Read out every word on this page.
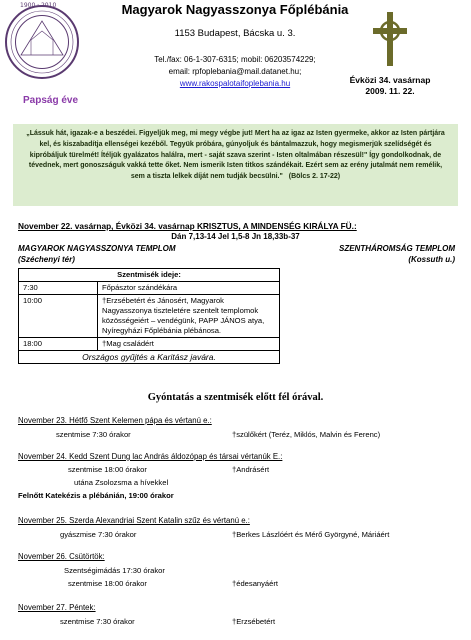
1900 · 2010	Magyarok Nagyasszonya Főplébánia
1153 Budapest, Bácska u. 3.
Tel./fax: 06-1-307-6315; mobil: 06203574229;
email: rpfoplebania@mail.datanet.hu;
www.rakospalotaifoplebania.hu	Évközi 34. vasárnap
2009. 11. 22.
Papság éve
„Lássuk hát, igazak-e a beszédei. Figyeljük meg, mi megy végbe jut! Mert ha az igaz az Isten gyermeke, akkor az Isten pártjára kel, és kiszabadítja ellenségei kezéből. Tegyük próbára, gúnyoljuk és bántalmazzuk, hogy megismerjük szelídségét és kipróbáljuk türelmét! Ítéljük gyalázatos halálra, mert - saját szava szerint - Isten oltalmában részesül!" Így gondolkodnak, de tévednek, mert gonoszságuk vakká tette őket. Nem ismerik Isten titkos szándékait. Ezért sem az erény jutalmát nem remélik, sem a tiszta lelkek díját nem tudják becsülni." (Bölcs 2. 17-22)
November 22. vasárnap, Évközi 34. vasárnap KRISZTUS, A MINDENSÉG KIRÁLYA FÜ.:
Dán 7,13-14 Jel 1,5-8 Jn 18,33b-37
MAGYAROK NAGYASSZONYA TEMPLOM
(Széchenyi tér)
SZENTHÁROMSÁG TEMPLOM
(Kossuth u.)
Szentmisék ideje:	
7:30	Főpásztor szándékára
10:00	†Erzsébetért és Jánosért, Magyarok Nagyasszonya tiszteletére szentelt templomok közösségeiért – vendégünk, PAPP JÁNOS atya, Nyíregyházi Főplébánia plébánosa.
18:00	†Mag családért
Országos gyűjtés a Karitász javára.	
Gyóntatás a szentmisék előtt fél órával.
November 23. Hétfő Szent Kelemen pápa és vértanú e.:
szentmise 7:30 órakor	†szülőkért (Teréz, Miklós, Malvin és Ferenc)
November 24. Kedd Szent Dung lac András áldozópap és társai vértanúk E.:
szentmise 18:00 órakor	†Andrásért
utána Zsolozsma a hívekkel
Felnőtt Katekézis a plébánián, 19:00 órakor
November 25. Szerda Alexandriai Szent Katalin szűz és vértanú e.:
gyászmise 7:30 órakor	†Berkes Lászlóért és Mérő Györgyné, Máriáért
November 26. Csütörtök:
Szentségimádás 17:30 órakor
szentmise 18:00 órakor	†édesanyáért
November 27. Péntek:
szentmise 7:30 órakor	†Erzsébetért
